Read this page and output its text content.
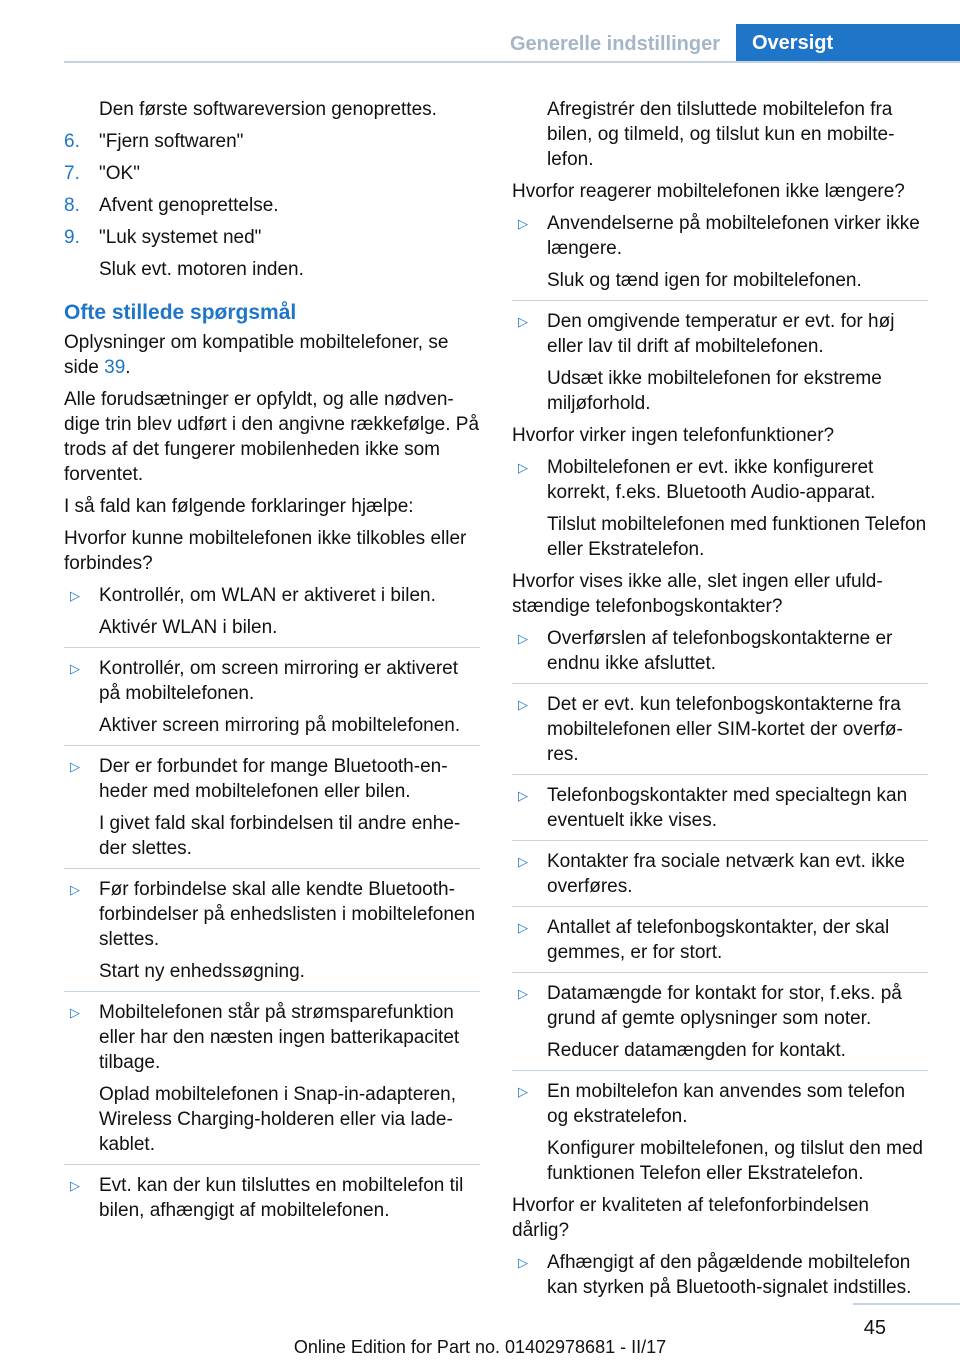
Generelle indstillinger	Oversigt
Den første softwareversion genoprettes.
6.	"Fjern softwaren"
7.	"OK"
8.	Afvent genoprettelse.
9.	"Luk systemet ned"
Sluk evt. motoren inden.
Ofte stillede spørgsmål
Oplysninger om kompatible mobiltelefoner, se side 39.
Alle forudsætninger er opfyldt, og alle nødvendige trin blev udført i den angivne rækkefølge. På trods af det fungerer mobilenheden ikke som forventet.
I så fald kan følgende forklaringer hjælpe:
Hvorfor kunne mobiltelefonen ikke tilkobles eller forbindes?
▷	Kontrollér, om WLAN er aktiveret i bilen.
Aktivér WLAN i bilen.
▷	Kontrollér, om screen mirroring er aktiveret på mobiltelefonen.
Aktiver screen mirroring på mobiltelefonen.
▷	Der er forbundet for mange Bluetooth-enheder med mobiltelefonen eller bilen.
I givet fald skal forbindelsen til andre enheder slettes.
▷	Før forbindelse skal alle kendte Bluetooth-forbindelser på enhedslisten i mobiltelefonen slettes.
Start ny enhedssøgning.
▷	Mobiltelefonen står på strømsparefunktion eller har den næsten ingen batterikapacitet tilbage.
Oplad mobiltelefonen i Snap-in-adapteren, Wireless Charging-holderen eller via ladekablet.
▷	Evt. kan der kun tilsluttes en mobiltelefon til bilen, afhængigt af mobiltelefonen.
Afregistrér den tilsluttede mobiltelefon fra bilen, og tilmeld, og tilslut kun en mobiltelefon.
Hvorfor reagerer mobiltelefonen ikke længere?
▷	Anvendelserne på mobiltelefonen virker ikke længere.
Sluk og tænd igen for mobiltelefonen.
▷	Den omgivende temperatur er evt. for høj eller lav til drift af mobiltelefonen.
Udsæt ikke mobiltelefonen for ekstreme miljøforhold.
Hvorfor virker ingen telefonfunktioner?
▷	Mobiltelefonen er evt. ikke konfigureret korrekt, f.eks. Bluetooth Audio-apparat.
Tilslut mobiltelefonen med funktionen Telefon eller Ekstratelefon.
Hvorfor vises ikke alle, slet ingen eller ufuldstændige telefonbogskontakter?
▷	Overførslen af telefonbogskontakterne er endnu ikke afsluttet.
▷	Det er evt. kun telefonbogskontakterne fra mobiltelefonen eller SIM-kortet der overføres.
▷	Telefonbogskontakter med specialtegn kan eventuelt ikke vises.
▷	Kontakter fra sociale netværk kan evt. ikke overføres.
▷	Antallet af telefonbogskontakter, der skal gemmes, er for stort.
▷	Datamængde for kontakt for stor, f.eks. på grund af gemte oplysninger som noter.
Reducer datamængden for kontakt.
▷	En mobiltelefon kan anvendes som telefon og ekstratelefon.
Konfigurer mobiltelefonen, og tilslut den med funktionen Telefon eller Ekstratelefon.
Hvorfor er kvaliteten af telefonforbindelsen dårlig?
▷	Afhængigt af den pågældende mobiltelefon kan styrken på Bluetooth-signalet indstilles.
45
Online Edition for Part no. 01402978681 - II/17
